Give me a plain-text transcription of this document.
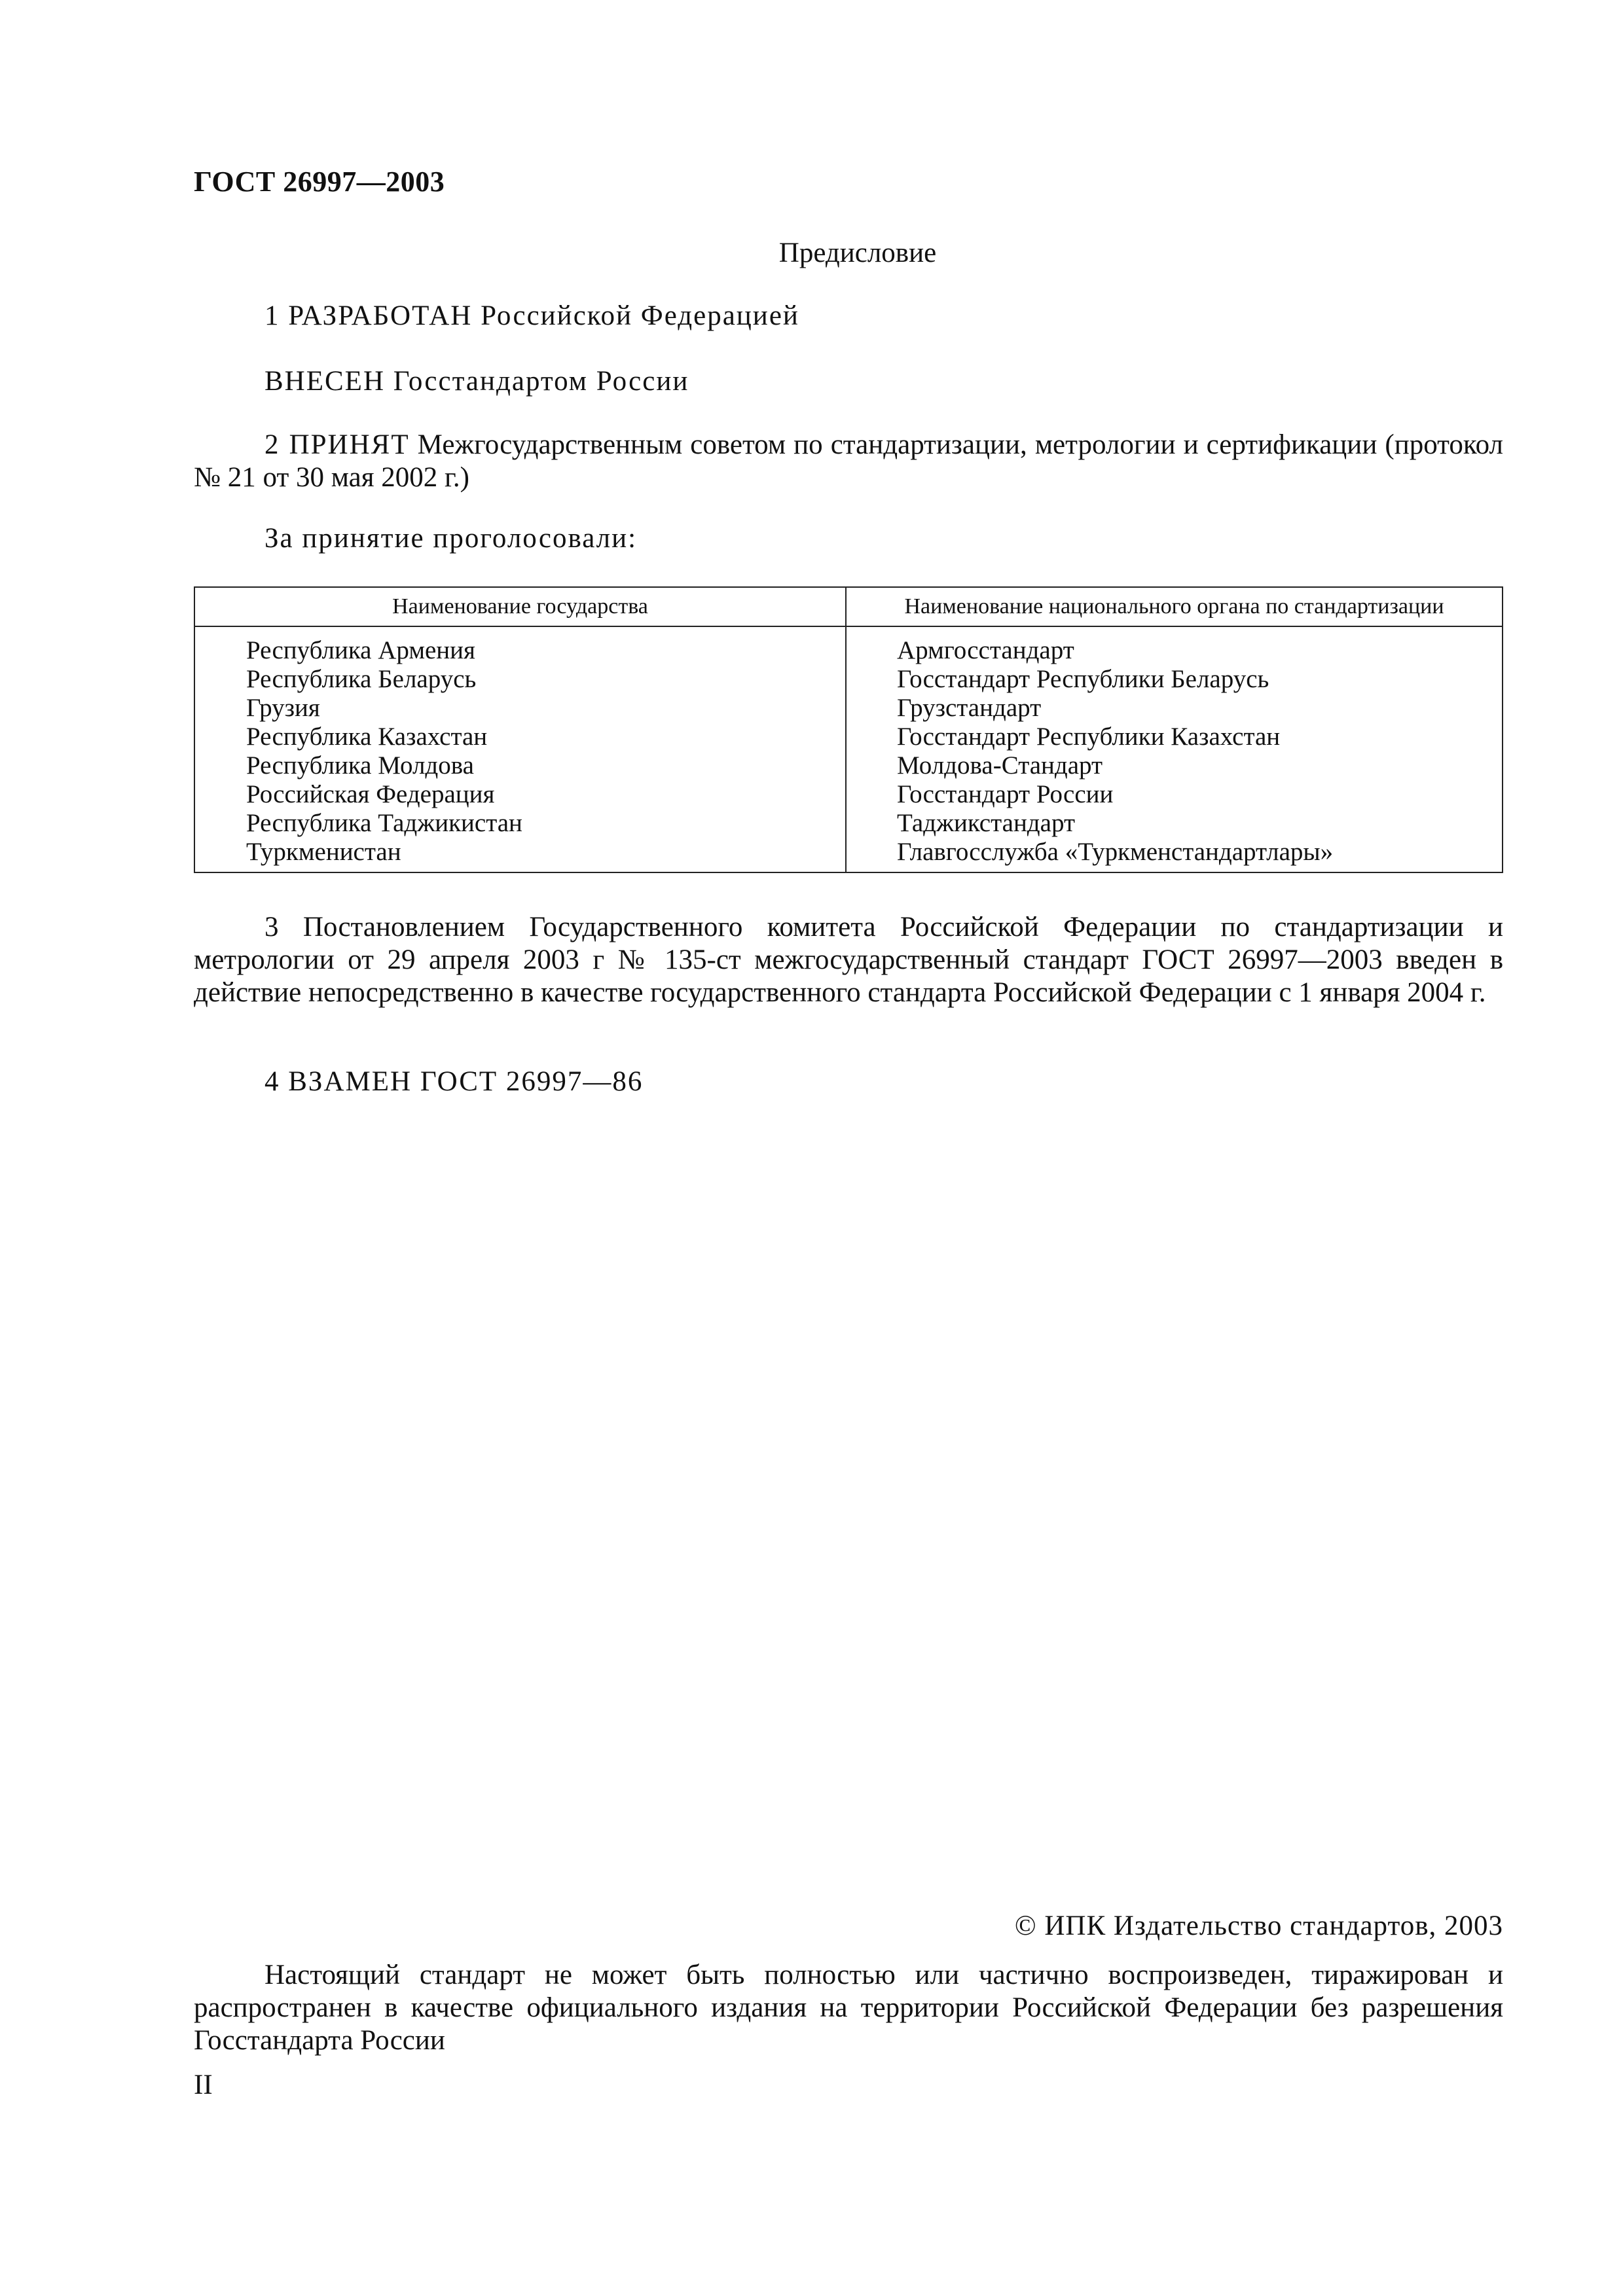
ГОСТ 26997—2003
Предисловие
1 РАЗРАБОТАН Российской Федерацией
ВНЕСЕН Госстандартом России
2 ПРИНЯТ Межгосударственным советом по стандартизации, метрологии и сертификации (протокол № 21 от 30 мая 2002 г.)
За принятие проголосовали:
Наименование государства	Наименование национального органа по стандартизации
Республика Армения
Республика Беларусь
Грузия
Республика Казахстан
Республика Молдова
Российская Федерация
Республика Таджикистан
Туркменистан
Армгосстандарт
Госстандарт Республики Беларусь
Грузстандарт
Госстандарт Республики Казахстан
Молдова-Стандарт
Госстандарт России
Таджикстандарт
Главгосслужба «Туркменстандартлары»
3 Постановлением Государственного комитета Российской Федерации по стандартизации и метрологии от 29 апреля 2003 г № 135-ст межгосударственный стандарт ГОСТ 26997—2003 введен в действие непосредственно в качестве государственного стандарта Российской Федерации с 1 января 2004 г.
4 ВЗАМЕН ГОСТ 26997—86
© ИПК Издательство стандартов, 2003
Настоящий стандарт не может быть полностью или частично воспроизведен, тиражирован и распространен в качестве официального издания на территории Российской Федерации без разрешения Госстандарта России
II
